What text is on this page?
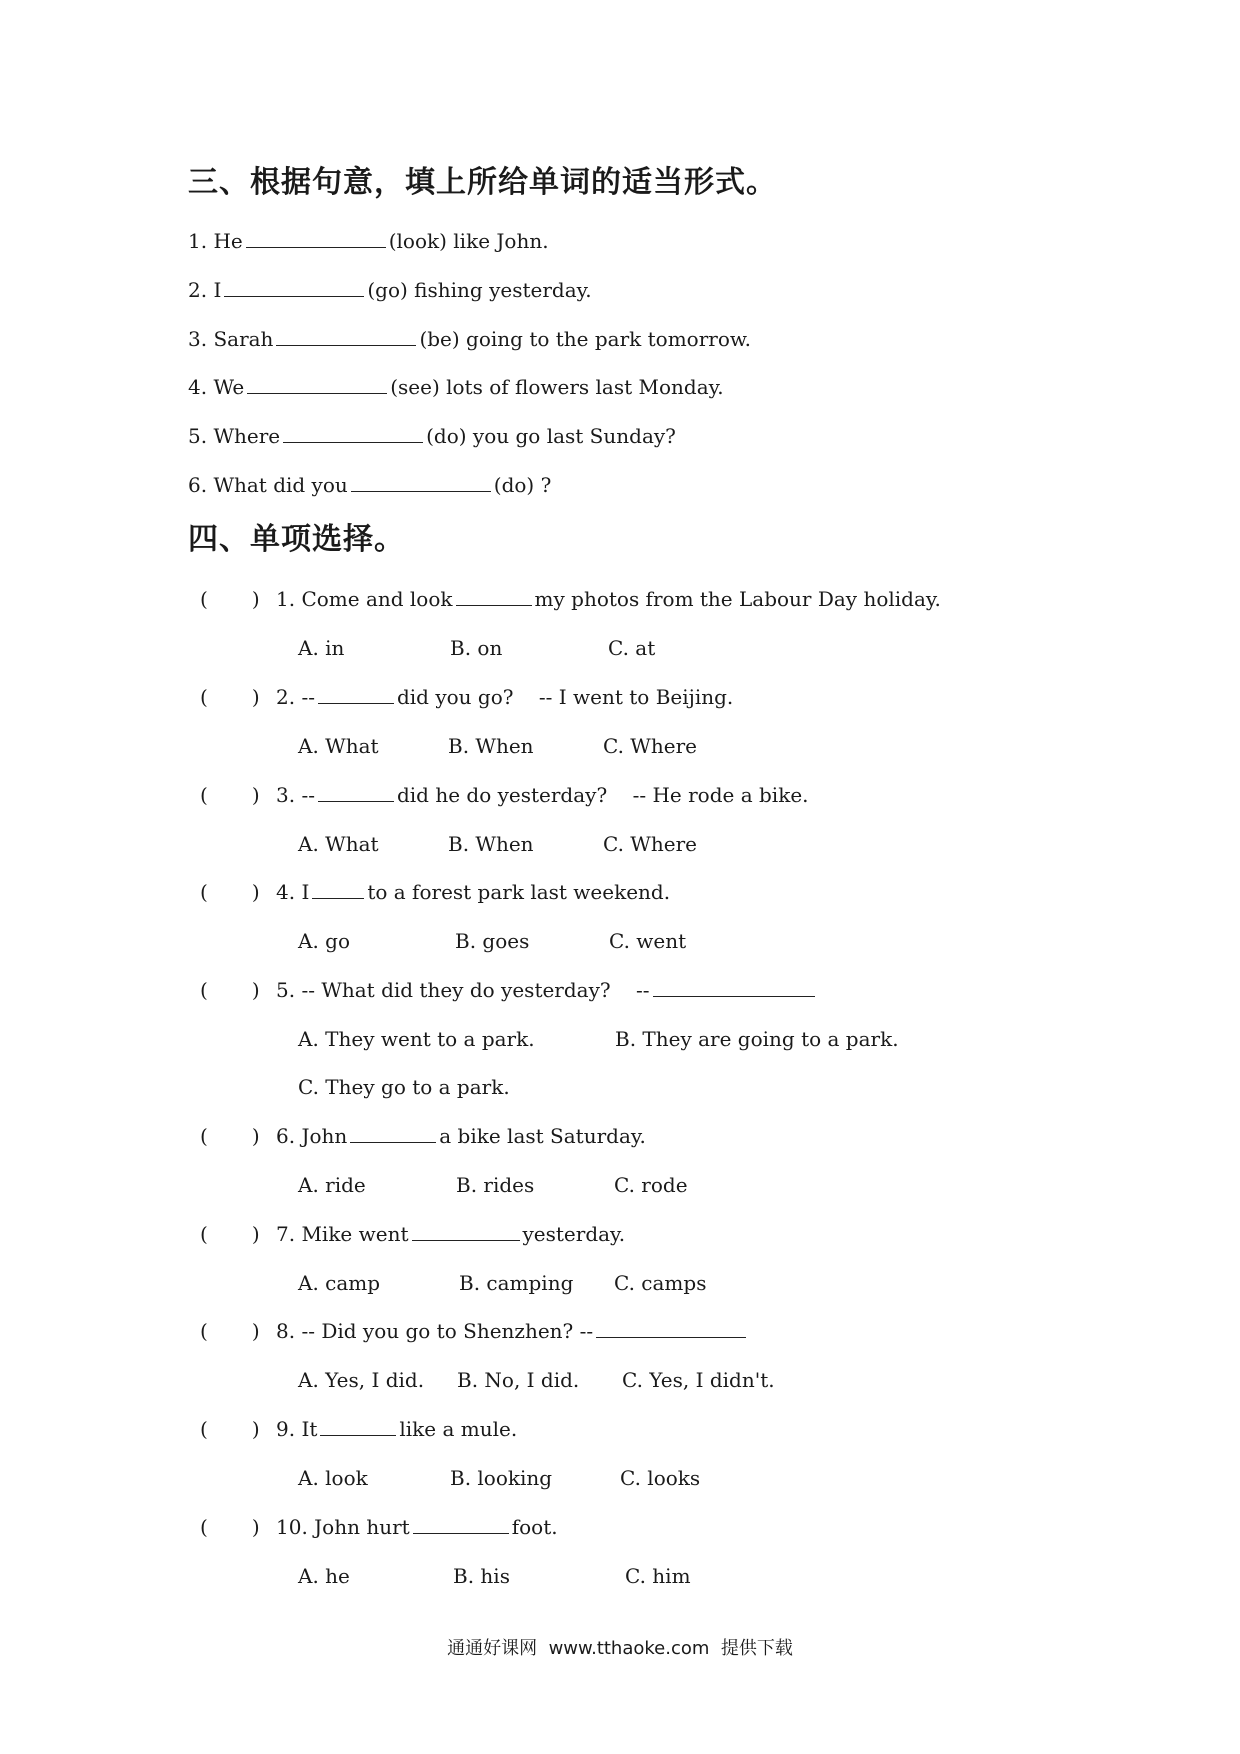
三、根据句意，填上所给单词的适当形式。
1. He	(look) like John.
2. I	(go) fishing yesterday.
3. Sarah	(be) going to the park tomorrow.
4. We	(see) lots of flowers last Monday.
5. Where	(do) you go last Sunday?
6. What did you	(do) ?
四、单项选择。
( ) 1. Come and look	my photos from the Labour Day holiday.
A. in	B. on	C. at
( ) 2. --	did you go?    -- I went to Beijing.
A. What	B. When	C. Where
( ) 3. --	did he do yesterday?    -- He rode a bike.
A. What	B. When	C. Where
( ) 4. I	to a forest park last weekend.
A. go	B. goes	C. went
( ) 5. -- What did they do yesterday?    --
A. They went to a park.	B. They are going to a park.
C. They go to a park.
( ) 6. John	a bike last Saturday.
A. ride	B. rides	C. rode
( ) 7. Mike went	yesterday.
A. camp	B. camping C. camps
( ) 8. -- Did you go to Shenzhen? --
A. Yes, I did. B. No, I did. C. Yes, I didn't.
( ) 9. It	like a mule.
A. look	B. looking	C. looks
( ) 10. John hurt	foot.
A. he	B. his	C. him
通通好课网  www.tthaoke.com  提供下载
